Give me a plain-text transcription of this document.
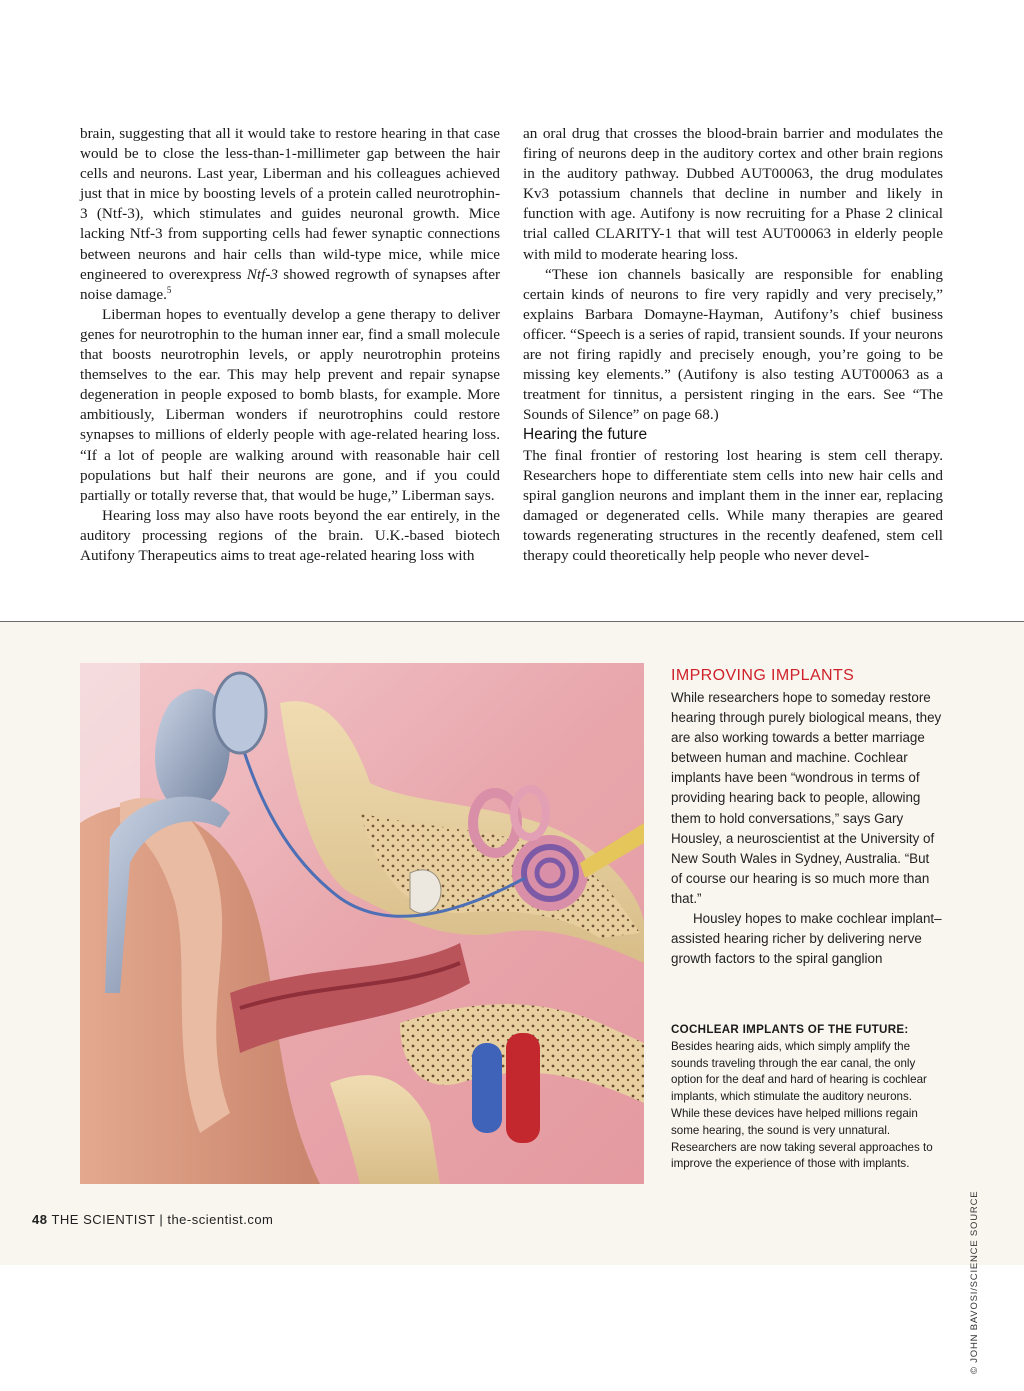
brain, suggesting that all it would take to restore hearing in that case would be to close the less-than-1-millimeter gap between the hair cells and neurons. Last year, Liberman and his colleagues achieved just that in mice by boosting levels of a protein called neurotrophin-3 (Ntf-3), which stimulates and guides neuronal growth. Mice lacking Ntf-3 from supporting cells had fewer synaptic connections between neurons and hair cells than wild-type mice, while mice engineered to overexpress Ntf-3 showed regrowth of synapses after noise damage.$^5$

Liberman hopes to eventually develop a gene therapy to deliver genes for neurotrophin to the human inner ear, find a small molecule that boosts neurotrophin levels, or apply neurotrophin proteins themselves to the ear. This may help prevent and repair synapse degeneration in people exposed to bomb blasts, for example. More ambitiously, Liberman wonders if neurotrophins could restore synapses to millions of elderly people with age-related hearing loss. “If a lot of people are walking around with reasonable hair cell populations but half their neurons are gone, and if you could partially or totally reverse that, that would be huge,” Liberman says.

Hearing loss may also have roots beyond the ear entirely, in the auditory processing regions of the brain. U.K.-based biotech Autifony Therapeutics aims to treat age-related hearing loss with

an oral drug that crosses the blood-brain barrier and modulates the firing of neurons deep in the auditory cortex and other brain regions in the auditory pathway. Dubbed AUT00063, the drug modulates Kv3 potassium channels that decline in number and likely in function with age. Autifony is now recruiting for a Phase 2 clinical trial called CLARITY-1 that will test AUT00063 in elderly people with mild to moderate hearing loss.

“These ion channels basically are responsible for enabling certain kinds of neurons to fire very rapidly and very precisely,” explains Barbara Domayne-Hayman, Autifony’s chief business officer. “Speech is a series of rapid, transient sounds. If your neurons are not firing rapidly and precisely enough, you’re going to be missing key elements.” (Autifony is also testing AUT00063 as a treatment for tinnitus, a persistent ringing in the ears. See “The Sounds of Silence” on page 68.)

Hearing the future

The final frontier of restoring lost hearing is stem cell therapy. Researchers hope to differentiate stem cells into new hair cells and spiral ganglion neurons and implant them in the inner ear, replacing damaged or degenerated cells. While many therapies are geared towards regenerating structures in the recently deafened, stem cell therapy could theoretically help people who never devel-

IMPROVING IMPLANTS

While researchers hope to someday restore hearing through purely biological means, they are also working towards a better marriage between human and machine. Cochlear implants have been “wondrous in terms of providing hearing back to people, allowing them to hold conversations,” says Gary Housley, a neuroscientist at the University of New South Wales in Sydney, Australia. “But of course our hearing is so much more than that.”

Housley hopes to make cochlear implant–assisted hearing richer by delivering nerve growth factors to the spiral ganglion

COCHLEAR IMPLANTS OF THE FUTURE: Besides hearing aids, which simply amplify the sounds traveling through the ear canal, the only option for the deaf and hard of hearing is cochlear implants, which stimulate the auditory neurons. While these devices have helped millions regain some hearing, the sound is very unnatural. Researchers are now taking several approaches to improve the experience of those with implants.
© JOHN BAVOSI/SCIENCE SOURCE
48 THE SCIENTIST | the-scientist.com
